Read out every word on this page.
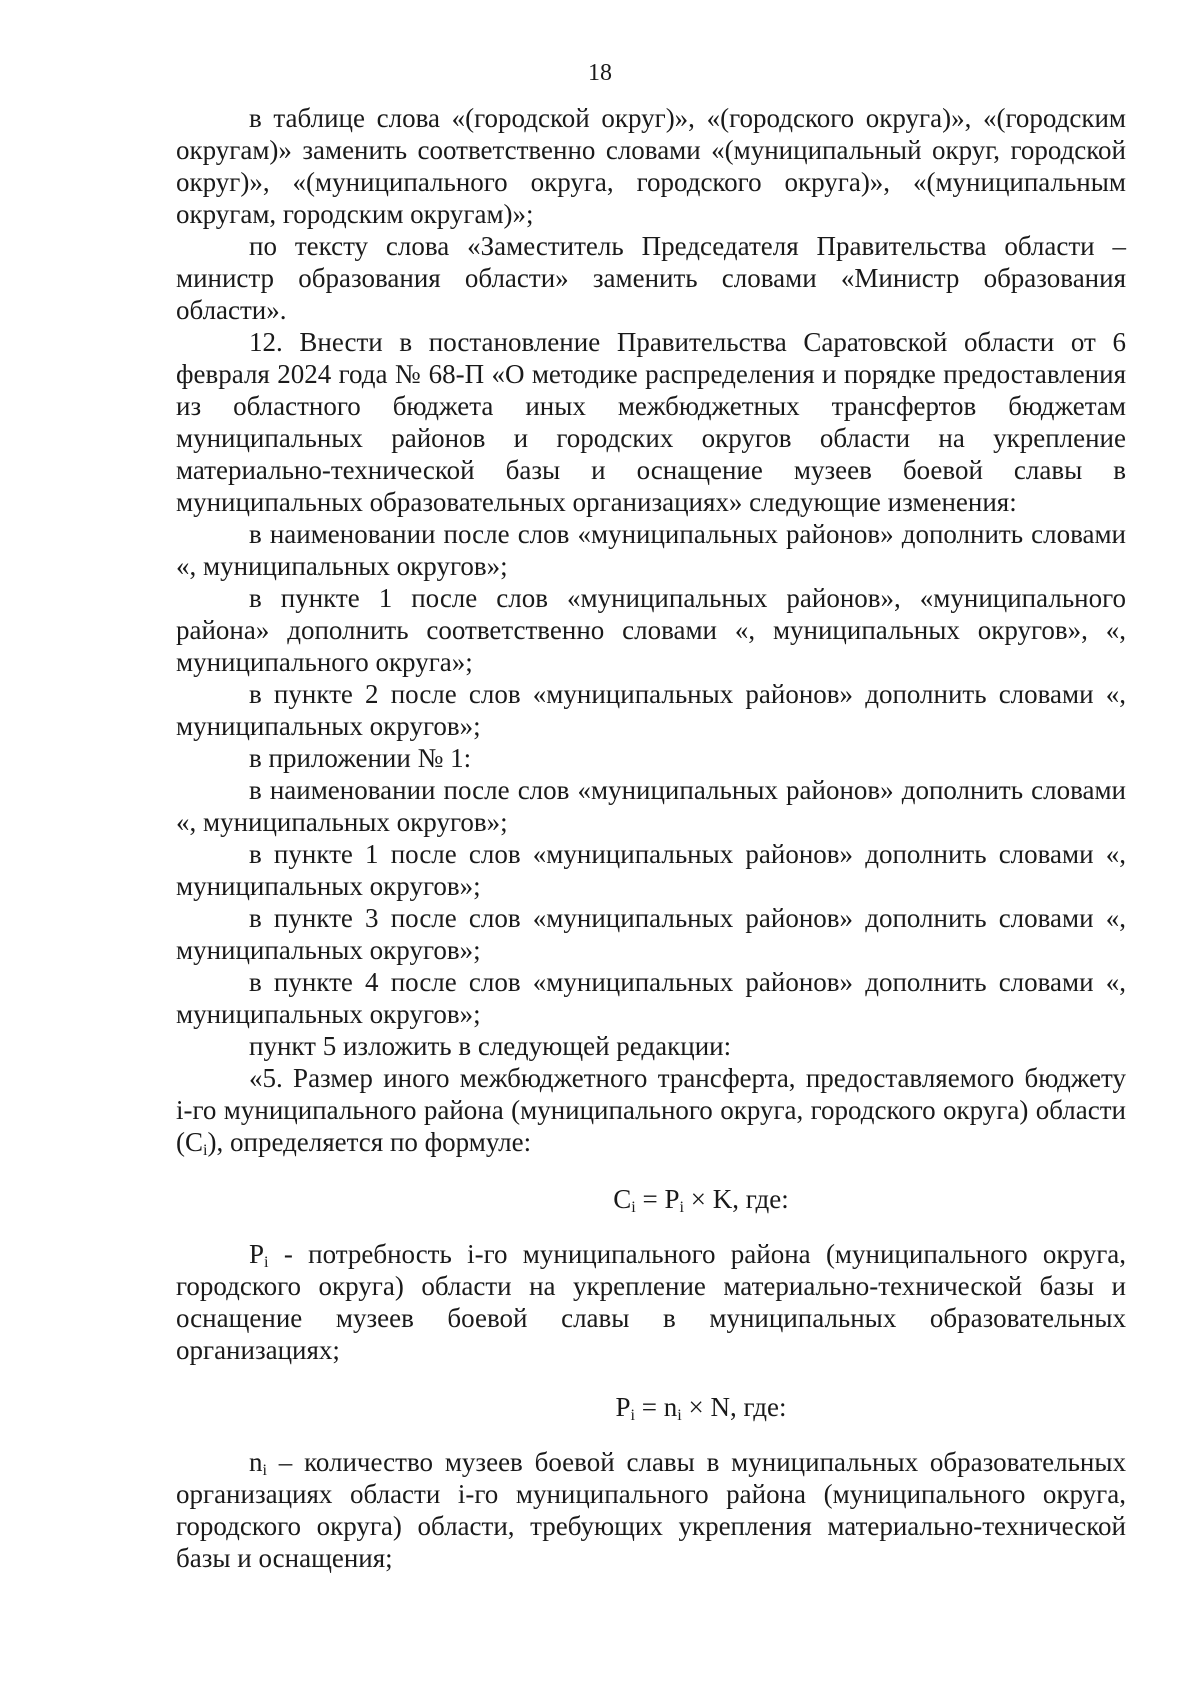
18

в таблице слова «(городской округ)», «(городского округа)», «(городским округам)» заменить соответственно словами «(муниципальный округ, городской округ)», «(муниципального округа, городского округа)», «(муниципальным округам, городским округам)»;

по тексту слова «Заместитель Председателя Правительства области – министр образования области» заменить словами «Министр образования области».

12. Внести в постановление Правительства Саратовской области от 6 февраля 2024 года № 68-П «О методике распределения и порядке предоставления из областного бюджета иных межбюджетных трансфертов бюджетам муниципальных районов и городских округов области на укрепление материально-технической базы и оснащение музеев боевой славы в муниципальных образовательных организациях» следующие изменения:

в наименовании после слов «муниципальных районов» дополнить словами «, муниципальных округов»;

в пункте 1 после слов «муниципальных районов», «муниципального района» дополнить соответственно словами «, муниципальных округов», «, муниципального округа»;

в пункте 2 после слов «муниципальных районов» дополнить словами «, муниципальных округов»;

в приложении № 1:

в наименовании после слов «муниципальных районов» дополнить словами «, муниципальных округов»;

в пункте 1 после слов «муниципальных районов» дополнить словами «, муниципальных округов»;

в пункте 3 после слов «муниципальных районов» дополнить словами «, муниципальных округов»;

в пункте 4 после слов «муниципальных районов» дополнить словами «, муниципальных округов»;

пункт 5 изложить в следующей редакции:

«5. Размер иного межбюджетного трансферта, предоставляемого бюджету i-го муниципального района (муниципального округа, городского округа) области $(C_i)$, определяется по формуле:

$C_i = P_i \times K$, где:

$P_i$ - потребность i-го муниципального района (муниципального округа, городского округа) области на укрепление материально-технической базы и оснащение музеев боевой славы в муниципальных образовательных организациях;

$P_i = n_i \times N$, где:

$n_i$ – количество музеев боевой славы в муниципальных образовательных организациях области i-го муниципального района (муниципального округа, городского округа) области, требующих укрепления материально-технической базы и оснащения;
